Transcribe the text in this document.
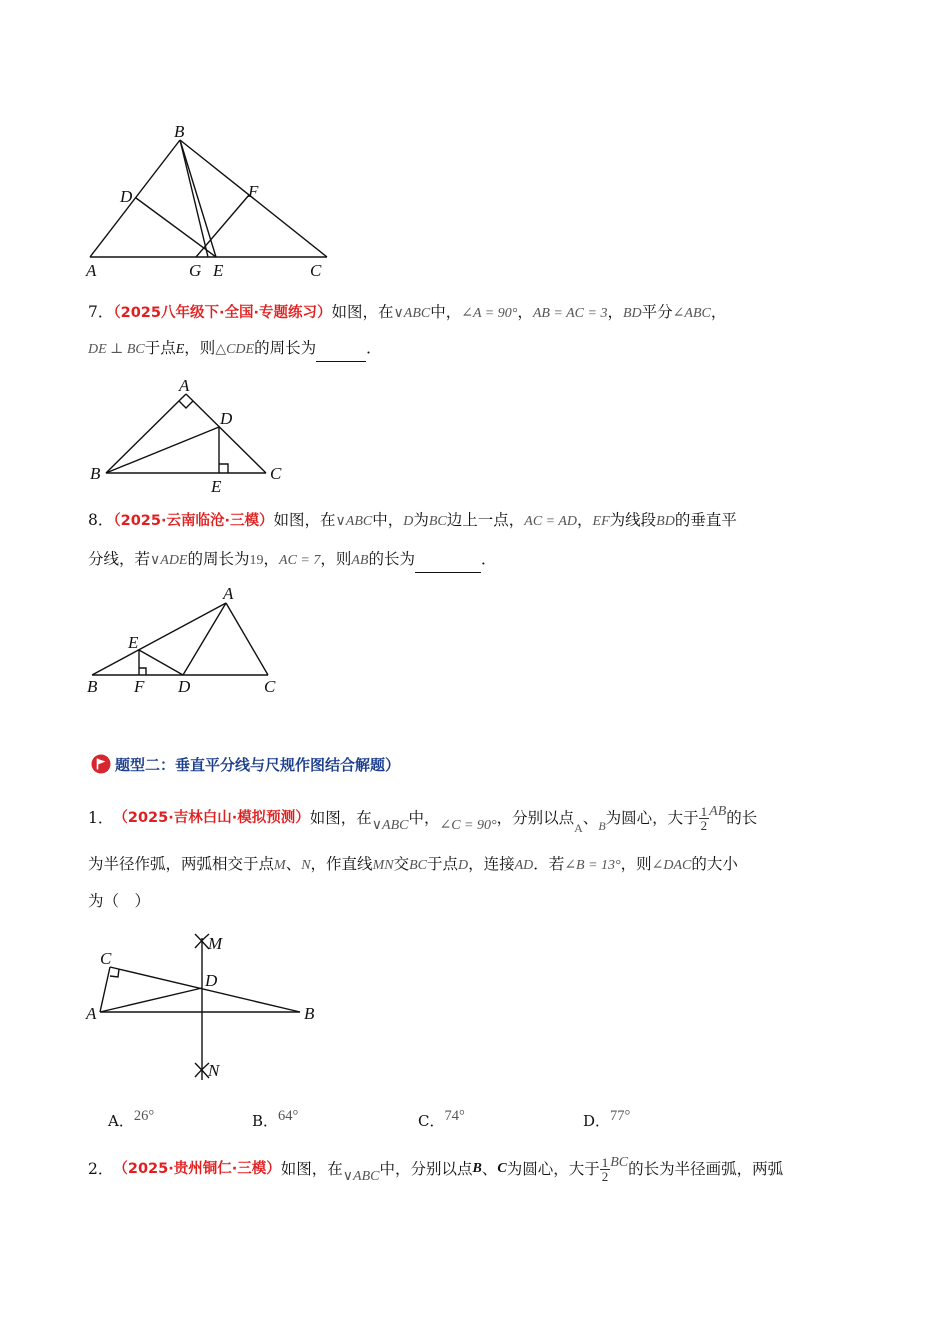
B
D	F
A	G E	C
7．（2025八年级下·全国·专题练习）如图，在∨ABC中，∠A = 90°，AB = AC = 3，BD平分∠ABC，
DE ⊥ BC于点E，则△CDE的周长为	．
A
D
B
E
C
8．（2025·云南临沧·三模）如图，在∨ABC中，D为BC边上一点，AC = AD，EF为线段BD的垂直平
分线，若∨ADE的周长为19，AC = 7，则AB的长为	．
A
E
B F D	C
题型二：垂直平分线与尺规作图结合解题）
1． （2025·吉林白山·模拟预测） 如图，在 ∨ABC 中， ∠C = 90° ，分别以点
A
、 B 为圆心，大于 $\frac{1}{2}$ AB 的长
为半径作弧，两弧相交于点M、N，作直线MN交BC于点D，连接AD．若∠B = 13°，则∠DAC的大小
为（　）
M
C
D
A	B
N
A．26°	B．64°	C．74°	D．77°
2． （2025·贵州铜仁·三模） 如图，在 ∨ABC 中，分别以点 B 、 C 为圆心，大于 $\frac{1}{2}$ BC 的长为半径画弧，两弧
